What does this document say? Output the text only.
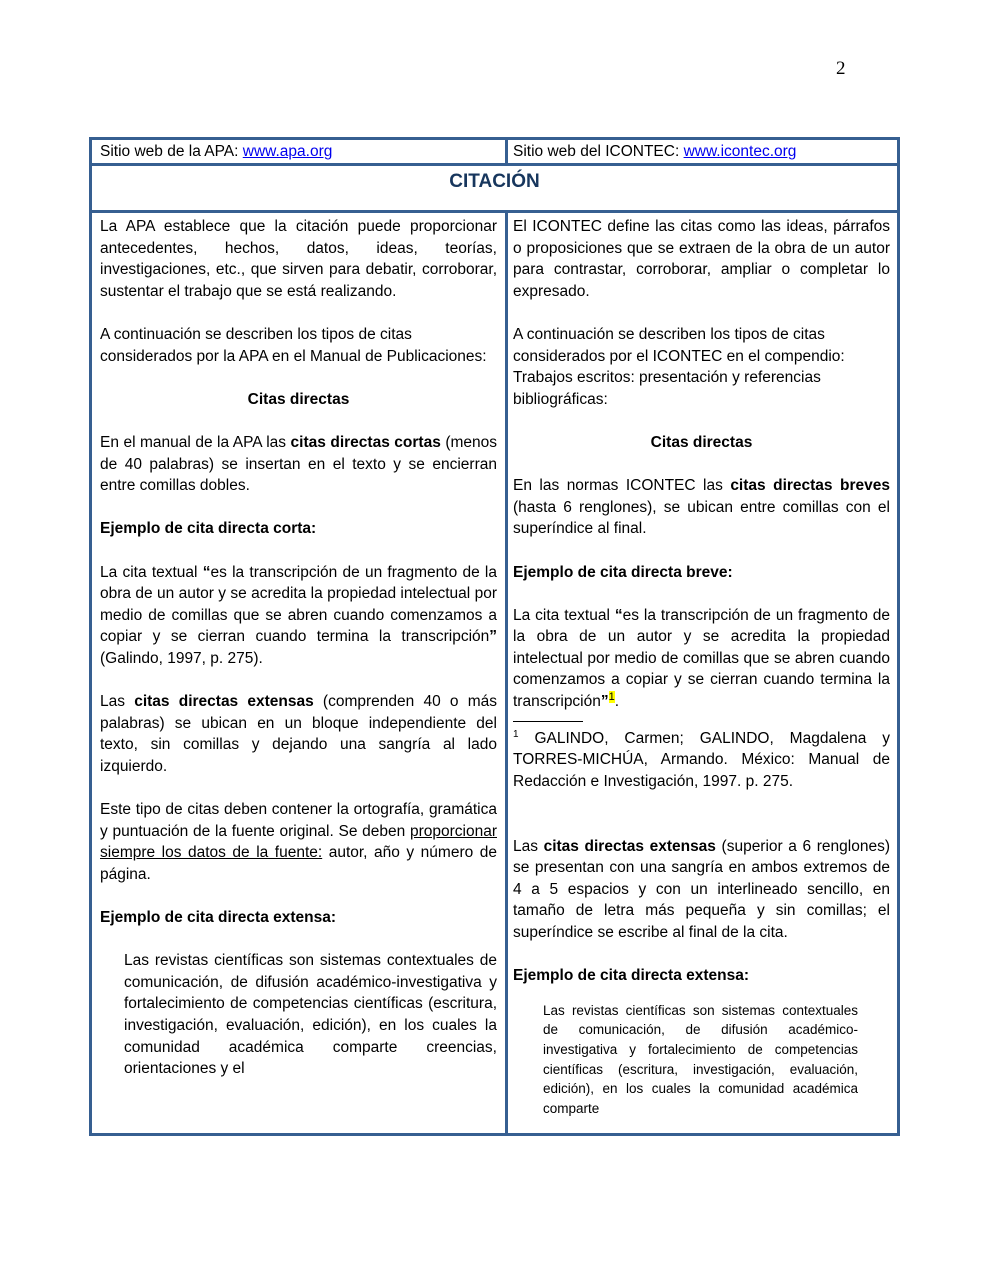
2
Sitio web de la APA: www.apa.org	Sitio web del ICONTEC: www.icontec.org
CITACIÓN

La APA establece que la citación puede proporcionar antecedentes, hechos, datos, ideas, teorías, investigaciones, etc., que sirven para debatir, corroborar, sustentar el trabajo que se está realizando.

A continuación se describen los tipos de citas considerados por la APA en el Manual de Publicaciones:

Citas directas

En el manual de la APA las citas directas cortas (menos de 40 palabras) se insertan en el texto y se encierran entre comillas dobles.

Ejemplo de cita directa corta:

La cita textual “es la transcripción de un fragmento de la obra de un autor y se acredita la propiedad intelectual por medio de comillas que se abren cuando comenzamos a copiar y se cierran cuando termina la transcripción” (Galindo, 1997, p. 275).

Las citas directas extensas (comprenden 40 o más palabras) se ubican en un bloque independiente del texto, sin comillas y dejando una sangría al lado izquierdo.

Este tipo de citas deben contener la ortografía, gramática y puntuación de la fuente original. Se deben proporcionar siempre los datos de la fuente: autor, año y número de página.

Ejemplo de cita directa extensa:

Las revistas científicas son sistemas contextuales de comunicación, de difusión académico-investigativa y fortalecimiento de competencias científicas (escritura, investigación, evaluación, edición), en los cuales la comunidad académica comparte creencias, orientaciones y el

El ICONTEC define las citas como las ideas, párrafos o proposiciones que se extraen de la obra de un autor para contrastar, corroborar, ampliar o completar lo expresado.

A continuación se describen los tipos de citas considerados por el ICONTEC en el compendio: Trabajos escritos: presentación y referencias bibliográficas:

Citas directas

En las normas ICONTEC las citas directas breves (hasta 6 renglones), se ubican entre comillas con el superíndice al final.

Ejemplo de cita directa breve:

La cita textual “es la transcripción de un fragmento de la obra de un autor y se acredita la propiedad intelectual por medio de comillas que se abren cuando comenzamos a copiar y se cierran cuando termina la transcripción”$^1$.

$^1$ GALINDO, Carmen; GALINDO, Magdalena y TORRES-MICHÚA, Armando. México: Manual de Redacción e Investigación, 1997. p. 275.

Las citas directas extensas (superior a 6 renglones) se presentan con una sangría en ambos extremos de 4 a 5 espacios y con un interlineado sencillo, en tamaño de letra más pequeña y sin comillas; el superíndice se escribe al final de la cita.

Ejemplo de cita directa extensa:

Las revistas científicas son sistemas contextuales de comunicación, de difusión académico-investigativa y fortalecimiento de competencias científicas (escritura, investigación, evaluación, edición), en los cuales la comunidad académica comparte
